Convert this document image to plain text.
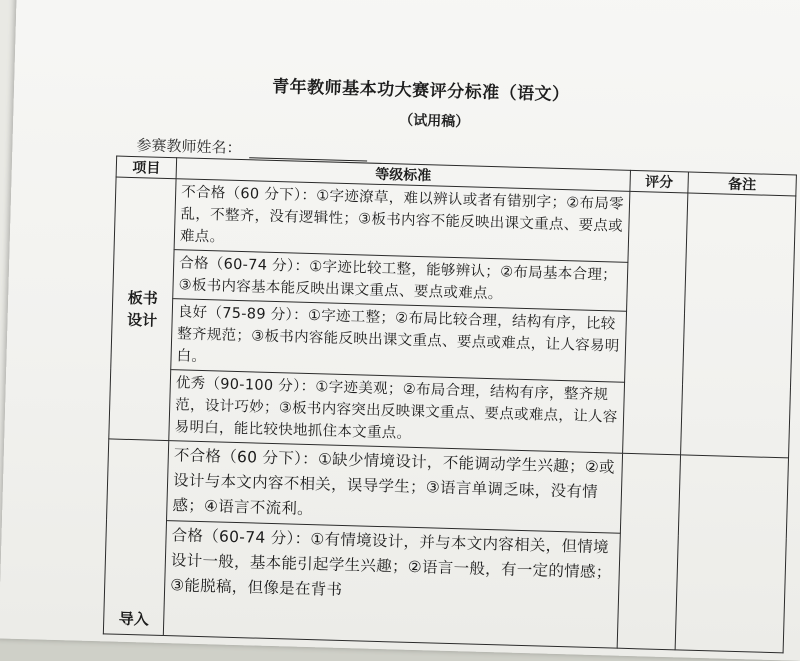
青年教师基本功大赛评分标准（语文）
（试用稿）
参赛教师姓名：
项目	等级标准	评分	备注
板书
设计	不合格（60 分下）：①字迹潦草，难以辨认或者有错别字；②布局零乱，不整齐，没有逻辑性；③板书内容不能反映出课文重点、要点或难点。		
	合格（60-74 分）：①字迹比较工整，能够辨认；②布局基本合理；③板书内容基本能反映出课文重点、要点或难点。		
	良好（75-89 分）：①字迹工整；②布局比较合理，结构有序，比较整齐规范；③板书内容能反映出课文重点、要点或难点，让人容易明白。		
	优秀（90-100 分）：①字迹美观；②布局合理，结构有序，整齐规范，设计巧妙；③板书内容突出反映课文重点、要点或难点，让人容易明白，能比较快地抓住本文重点。		
导入	不合格（60 分下）：①缺少情境设计，不能调动学生兴趣；②或设计与本文内容不相关，误导学生；③语言单调乏味，没有情感；④语言不流利。		
	合格（60-74 分）：①有情境设计，并与本文内容相关，但情境设计一般，基本能引起学生兴趣；②语言一般，有一定的情感；③能脱稿，但像是在背书		
